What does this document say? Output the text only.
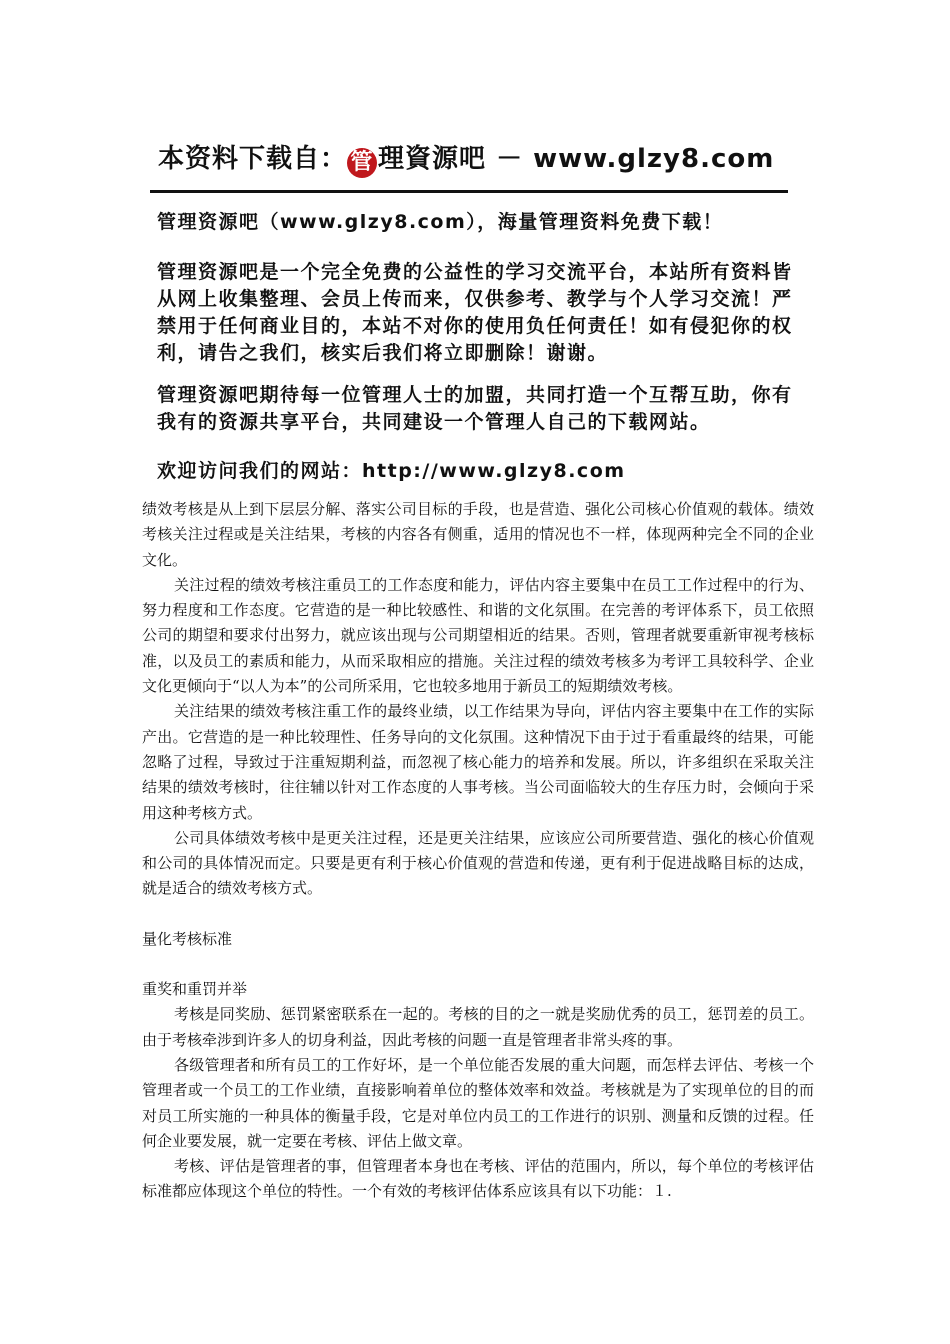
本资料下载自： 管 理資源吧 － www.glzy8.com
管理资源吧（www.glzy8.com），海量管理资料免费下载！
管理资源吧是一个完全免费的公益性的学习交流平台，本站所有资料皆从网上收集整理、会员上传而来，仅供参考、教学与个人学习交流！严禁用于任何商业目的，本站不对你的使用负任何责任！如有侵犯你的权利，请告之我们，核实后我们将立即删除！谢谢。
管理资源吧期待每一位管理人士的加盟，共同打造一个互帮互助，你有我有的资源共享平台，共同建设一个管理人自己的下载网站。
欢迎访问我们的网站：http://www.glzy8.com

绩效考核是从上到下层层分解、落实公司目标的手段，也是营造、强化公司核心价值观的载体。绩效考核关注过程或是关注结果，考核的内容各有侧重，适用的情况也不一样，体现两种完全不同的企业文化。

关注过程的绩效考核注重员工的工作态度和能力，评估内容主要集中在员工工作过程中的行为、努力程度和工作态度。它营造的是一种比较感性、和谐的文化氛围。在完善的考评体系下，员工依照公司的期望和要求付出努力，就应该出现与公司期望相近的结果。否则，管理者就要重新审视考核标准，以及员工的素质和能力，从而采取相应的措施。关注过程的绩效考核多为考评工具较科学、企业文化更倾向于“以人为本”的公司所采用，它也较多地用于新员工的短期绩效考核。

关注结果的绩效考核注重工作的最终业绩，以工作结果为导向，评估内容主要集中在工作的实际产出。它营造的是一种比较理性、任务导向的文化氛围。这种情况下由于过于看重最终的结果，可能忽略了过程，导致过于注重短期利益，而忽视了核心能力的培养和发展。所以，许多组织在采取关注结果的绩效考核时，往往辅以针对工作态度的人事考核。当公司面临较大的生存压力时，会倾向于采用这种考核方式。

公司具体绩效考核中是更关注过程，还是更关注结果，应该应公司所要营造、强化的核心价值观和公司的具体情况而定。只要是更有利于核心价值观的营造和传递，更有利于促进战略目标的达成，就是适合的绩效考核方式。

量化考核标准

重奖和重罚并举

考核是同奖励、惩罚紧密联系在一起的。考核的目的之一就是奖励优秀的员工，惩罚差的员工。由于考核牵涉到许多人的切身利益，因此考核的问题一直是管理者非常头疼的事。

各级管理者和所有员工的工作好坏，是一个单位能否发展的重大问题，而怎样去评估、考核一个管理者或一个员工的工作业绩，直接影响着单位的整体效率和效益。考核就是为了实现单位的目的而对员工所实施的一种具体的衡量手段，它是对单位内员工的工作进行的识别、测量和反馈的过程。任何企业要发展，就一定要在考核、评估上做文章。

考核、评估是管理者的事，但管理者本身也在考核、评估的范围内，所以，每个单位的考核评估标准都应体现这个单位的特性。一个有效的考核评估体系应该具有以下功能：１.
